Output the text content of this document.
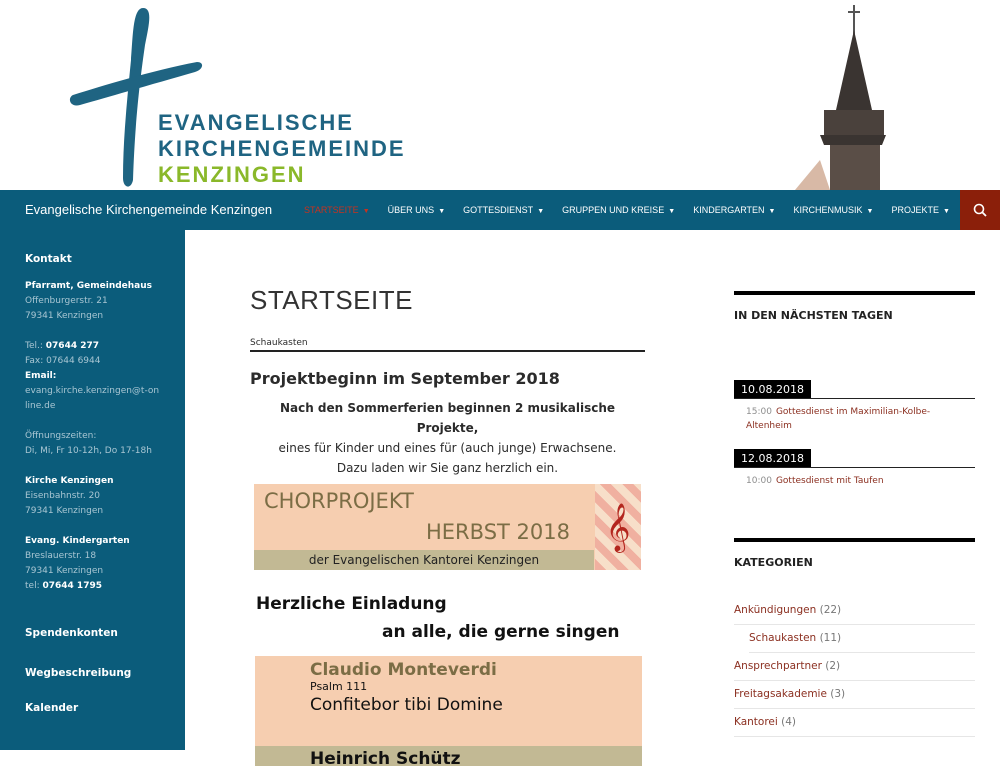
EVANGELISCHE
KIRCHENGEMEINDE
KENZINGEN
Evangelische Kirchengemeinde Kenzingen	STARTSEITE ▼ ÜBER UNS ▼ GOTTESDIENST ▼ GRUPPEN UND KREISE ▼ KINDERGARTEN ▼ KIRCHENMUSIK ▼ PROJEKTE ▼
Kontakt
Pfarramt, Gemeindehaus
Offenburgerstr. 21
79341 Kenzingen
Tel.: 07644 277
Fax: 07644 6944
Email:
evang.kirche.kenzingen@t-online.de
Öffnungszeiten:
Di, Mi, Fr 10-12h, Do 17-18h
Kirche Kenzingen
Eisenbahnstr. 20
79341 Kenzingen
Evang. Kindergarten
Breslauerstr. 18
79341 Kenzingen
tel: 07644 1795
Spendenkonten
Wegbeschreibung
Kalender
STARTSEITE
Schaukasten
Projektbeginn im September 2018
Nach den Sommerferien beginnen 2 musikalische Projekte,
eines für Kinder und eines für (auch junge) Erwachsene.
Dazu laden wir Sie ganz herzlich ein.
CHORPROJEKT
HERBST 2018
der Evangelischen Kantorei Kenzingen
𝄞
Herzliche Einladung
an alle, die gerne singen
Claudio Monteverdi
Psalm 111
Confitebor tibi Domine
Heinrich Schütz
IN DEN NÄCHSTEN TAGEN
10.08.2018
15:00 Gottesdienst im Maximilian-Kolbe-Altenheim
12.08.2018
10:00 Gottesdienst mit Taufen
KATEGORIEN
Ankündigungen (22)
Schaukasten (11)
Ansprechpartner (2)
Freitagsakademie (3)
Kantorei (4)
